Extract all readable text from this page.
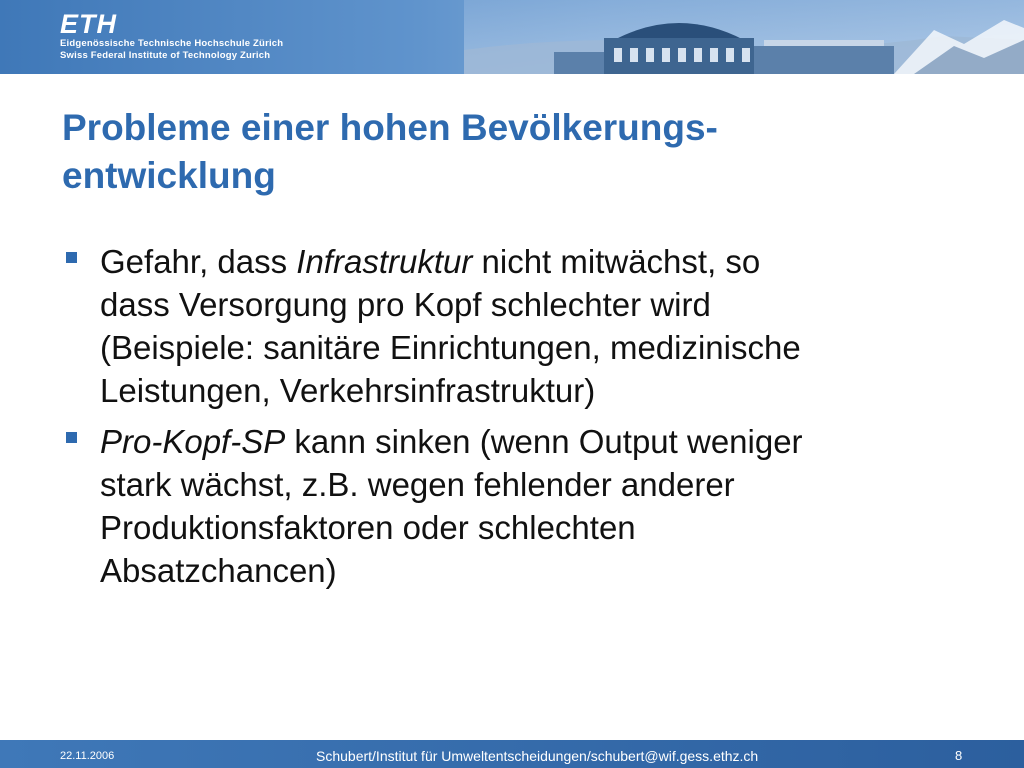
ETH
Eidgenössische Technische Hochschule Zürich
Swiss Federal Institute of Technology Zurich
Probleme einer hohen Bevölkerungs-
entwicklung
Gefahr, dass Infrastruktur nicht mitwächst, so
dass Versorgung pro Kopf schlechter wird
(Beispiele: sanitäre Einrichtungen, medizinische
Leistungen, Verkehrsinfrastruktur)
Pro-Kopf-SP kann sinken (wenn Output weniger
stark wächst, z.B. wegen fehlender anderer
Produktionsfaktoren oder schlechten
Absatzchancen)
22.11.2006	Schubert/Institut für Umweltentscheidungen/schubert@wif.gess.ethz.ch	8
